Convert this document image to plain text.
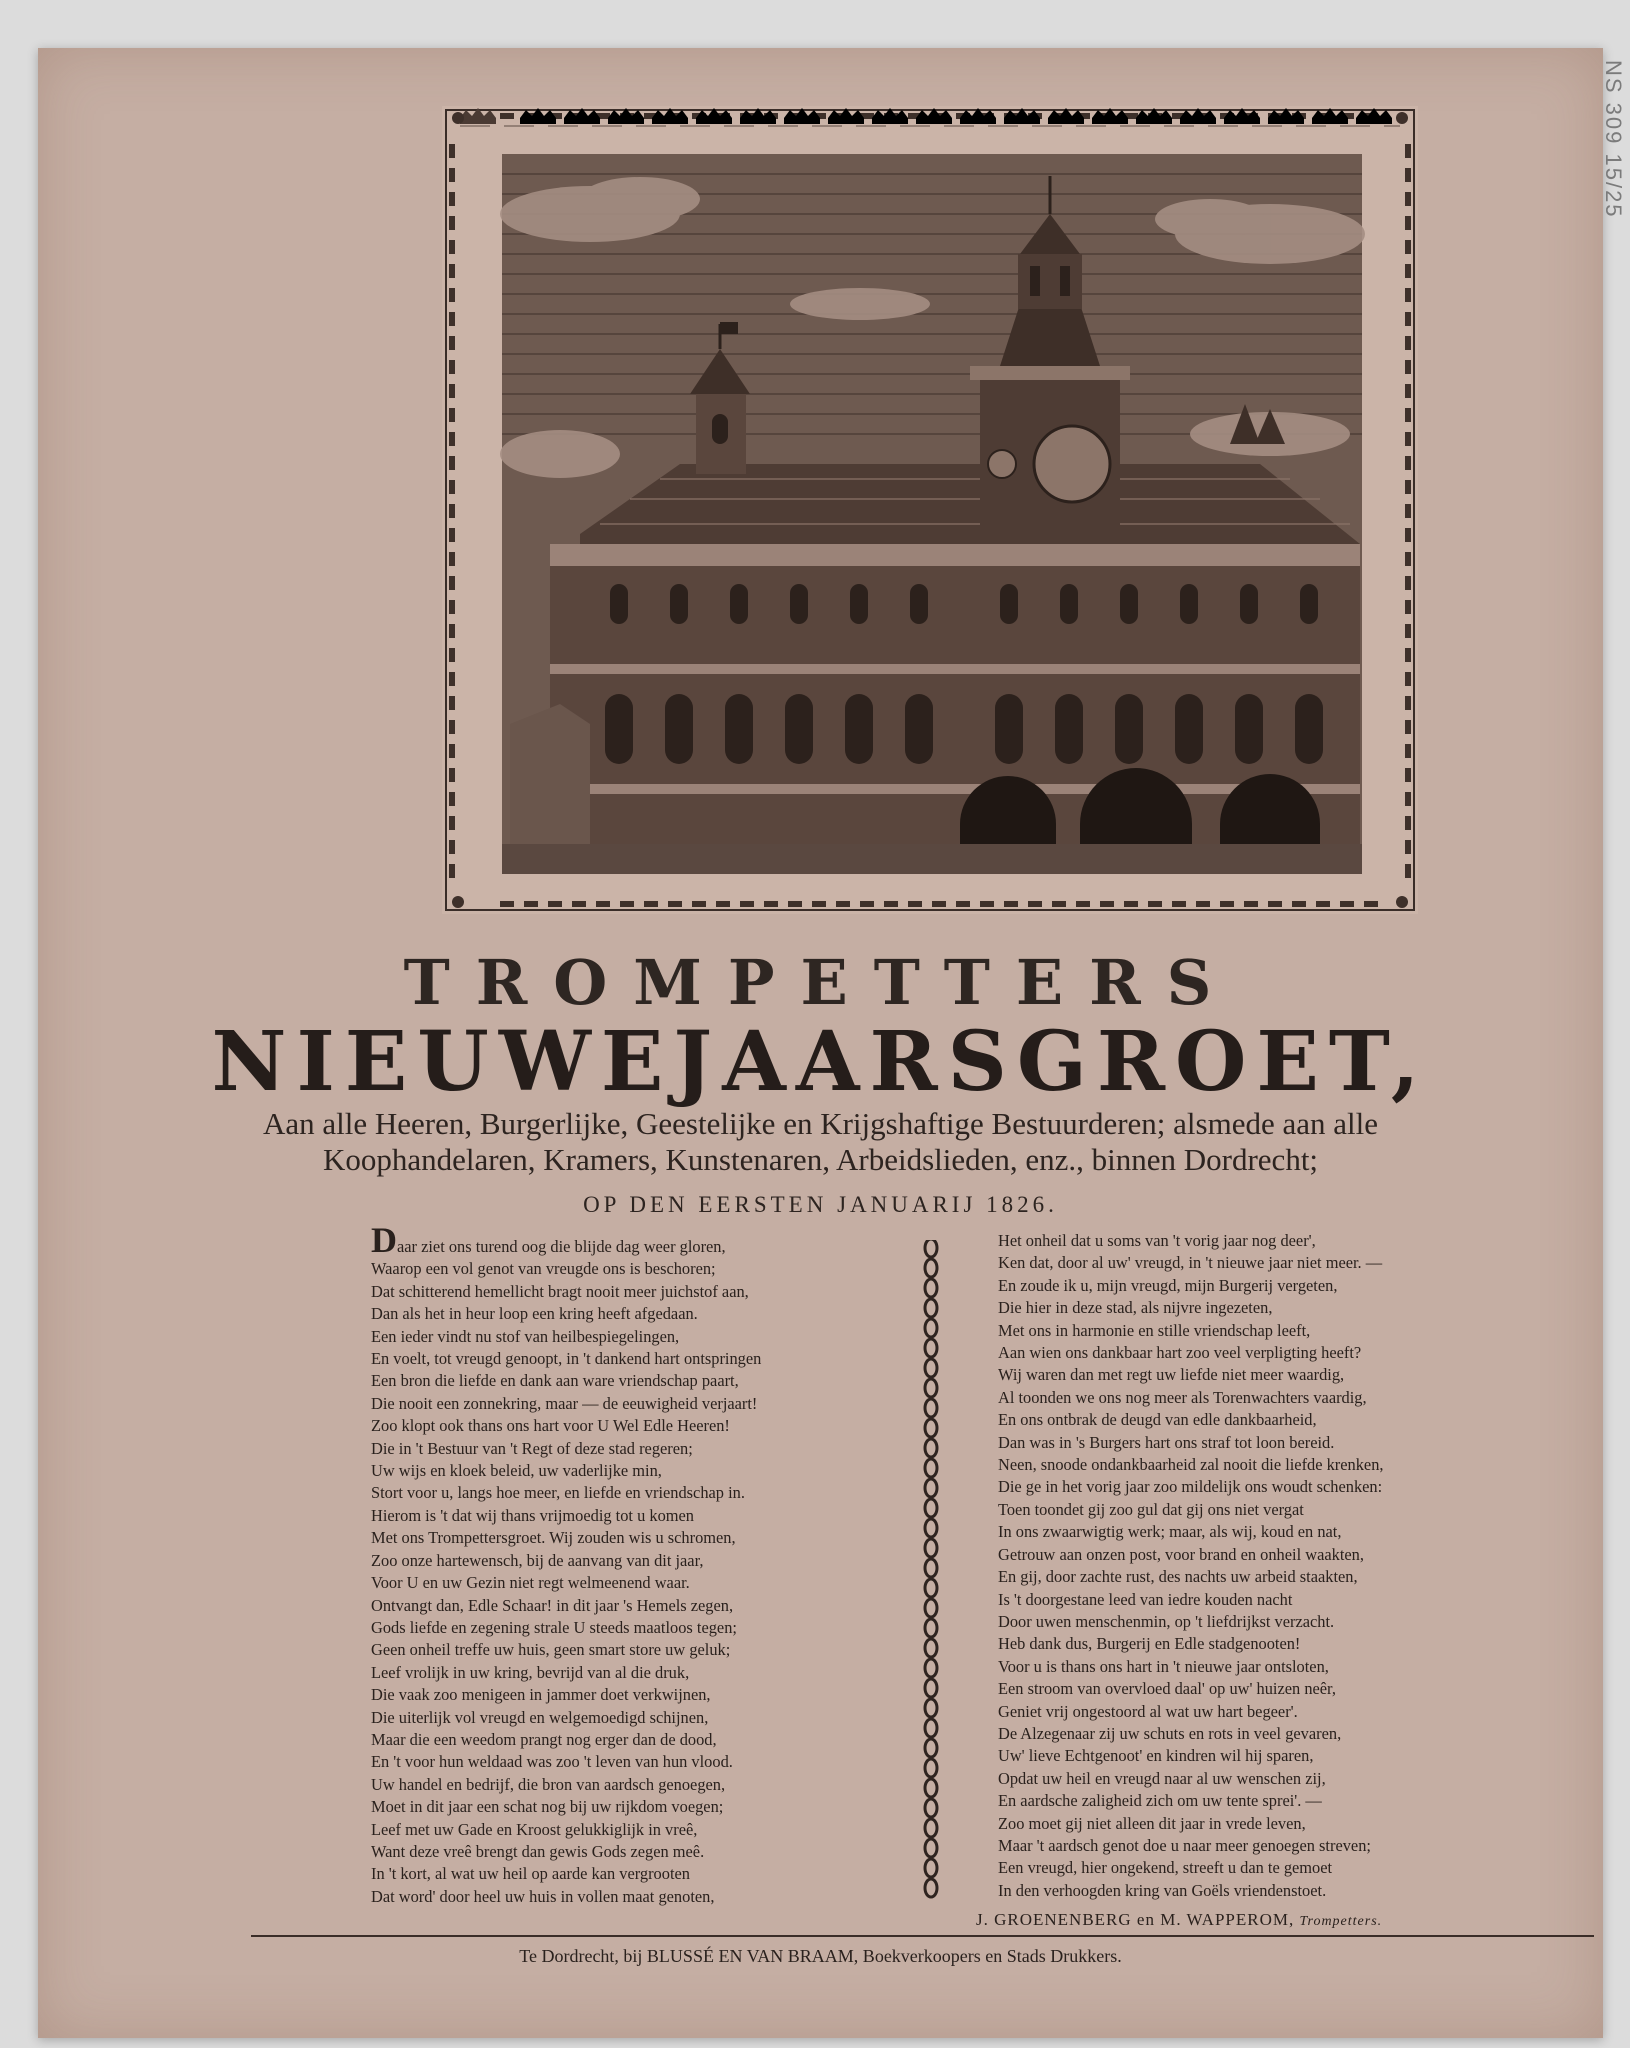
TROMPETTERS
NIEUWEJAARSGROET,
Aan alle Heeren, Burgerlijke, Geestelijke en Krijgshaftige Bestuurderen; alsmede aan alle
Koophandelaren, Kramers, Kunstenaren, Arbeidslieden, enz., binnen Dordrecht;
OP DEN EERSTEN JANUARIJ 1826.
Daar ziet ons turend oog die blijde dag weer gloren,
Waarop een vol genot van vreugde ons is beschoren;
Dat schitterend hemellicht bragt nooit meer juichstof aan,
Dan als het in heur loop een kring heeft afgedaan.
Een ieder vindt nu stof van heilbespiegelingen,
En voelt, tot vreugd genoopt, in 't dankend hart ontspringen
Een bron die liefde en dank aan ware vriendschap paart,
Die nooit een zonnekring, maar — de eeuwigheid verjaart!
Zoo klopt ook thans ons hart voor U Wel Edle Heeren!
Die in 't Bestuur van 't Regt of deze stad regeren;
Uw wijs en kloek beleid, uw vaderlijke min,
Stort voor u, langs hoe meer, en liefde en vriendschap in.
Hierom is 't dat wij thans vrijmoedig tot u komen
Met ons Trompettersgroet. Wij zouden wis u schromen,
Zoo onze hartewensch, bij de aanvang van dit jaar,
Voor U en uw Gezin niet regt welmeenend waar.
Ontvangt dan, Edle Schaar! in dit jaar 's Hemels zegen,
Gods liefde en zegening strale U steeds maatloos tegen;
Geen onheil treffe uw huis, geen smart store uw geluk;
Leef vrolijk in uw kring, bevrijd van al die druk,
Die vaak zoo menigeen in jammer doet verkwijnen,
Die uiterlijk vol vreugd en welgemoedigd schijnen,
Maar die een weedom prangt nog erger dan de dood,
En 't voor hun weldaad was zoo 't leven van hun vlood.
Uw handel en bedrijf, die bron van aardsch genoegen,
Moet in dit jaar een schat nog bij uw rijkdom voegen;
Leef met uw Gade en Kroost gelukkiglijk in vreê,
Want deze vreê brengt dan gewis Gods zegen meê.
In 't kort, al wat uw heil op aarde kan vergrooten
Dat word' door heel uw huis in vollen maat genoten,
Het onheil dat u soms van 't vorig jaar nog deer',
Ken dat, door al uw' vreugd, in 't nieuwe jaar niet meer. —
En zoude ik u, mijn vreugd, mijn Burgerij vergeten,
Die hier in deze stad, als nijvre ingezeten,
Met ons in harmonie en stille vriendschap leeft,
Aan wien ons dankbaar hart zoo veel verpligting heeft?
Wij waren dan met regt uw liefde niet meer waardig,
Al toonden we ons nog meer als Torenwachters vaardig,
En ons ontbrak de deugd van edle dankbaarheid,
Dan was in 's Burgers hart ons straf tot loon bereid.
Neen, snoode ondankbaarheid zal nooit die liefde krenken,
Die ge in het vorig jaar zoo mildelijk ons woudt schenken:
Toen toondet gij zoo gul dat gij ons niet vergat
In ons zwaarwigtig werk; maar, als wij, koud en nat,
Getrouw aan onzen post, voor brand en onheil waakten,
En gij, door zachte rust, des nachts uw arbeid staakten,
Is 't doorgestane leed van iedre kouden nacht
Door uwen menschenmin, op 't liefdrijkst verzacht.
Heb dank dus, Burgerij en Edle stadgenooten!
Voor u is thans ons hart in 't nieuwe jaar ontsloten,
Een stroom van overvloed daal' op uw' huizen neêr,
Geniet vrij ongestoord al wat uw hart begeer'.
De Alzegenaar zij uw schuts en rots in veel gevaren,
Uw' lieve Echtgenoot' en kindren wil hij sparen,
Opdat uw heil en vreugd naar al uw wenschen zij,
En aardsche zaligheid zich om uw tente sprei'. —
Zoo moet gij niet alleen dit jaar in vrede leven,
Maar 't aardsch genot doe u naar meer genoegen streven;
Een vreugd, hier ongekend, streeft u dan te gemoet
In den verhoogden kring van Goëls vriendenstoet.
J. GROENENBERG en M. WAPPEROM, Trompetters.
Te Dordrecht, bij BLUSSÉ EN VAN BRAAM, Boekverkoopers en Stads Drukkers.
NS 309 15/25
